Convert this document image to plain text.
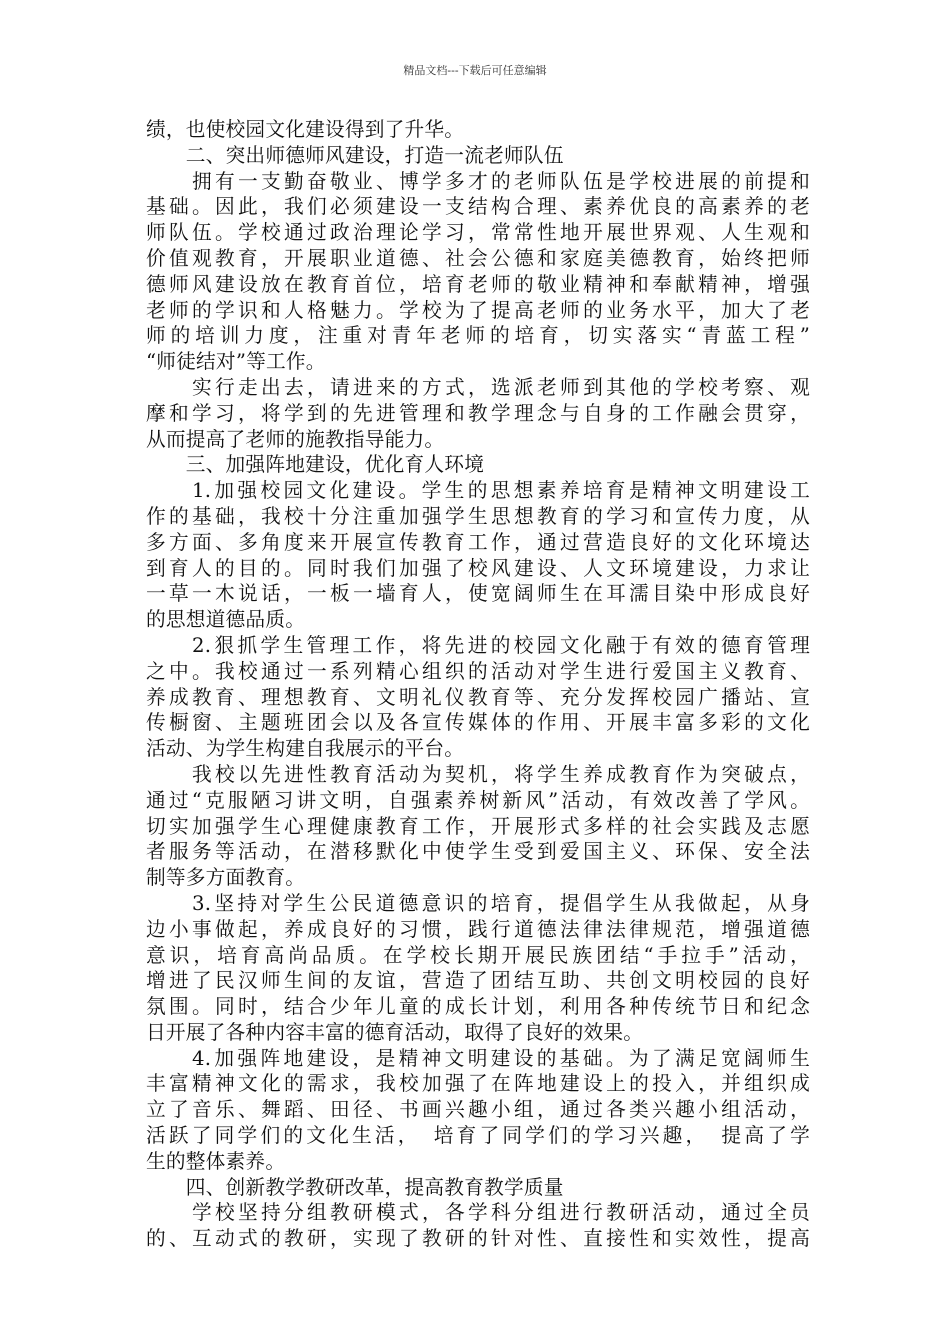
精品文档---下载后可任意编辑
绩，也使校园文化建设得到了升华。
　　二、突出师德师风建设，打造一流老师队伍
　　拥有一支勤奋敬业、博学多才的老师队伍是学校进展的前提和
基础。因此，我们必须建设一支结构合理、素养优良的高素养的老
师队伍。学校通过政治理论学习，常常性地开展世界观、人生观和
价值观教育，开展职业道德、社会公德和家庭美德教育，始终把师
德师风建设放在教育首位，培育老师的敬业精神和奉献精神，增强
老师的学识和人格魅力。学校为了提高老师的业务水平，加大了老
师的培训力度，注重对青年老师的培育，切实落实“青蓝工程”
“师徒结对”等工作。
　　实行走出去，请进来的方式，选派老师到其他的学校考察、观
摩和学习，将学到的先进管理和教学理念与自身的工作融会贯穿，
从而提高了老师的施教指导能力。
　　三、加强阵地建设，优化育人环境
　　1.加强校园文化建设。学生的思想素养培育是精神文明建设工
作的基础，我校十分注重加强学生思想教育的学习和宣传力度，从
多方面、多角度来开展宣传教育工作，通过营造良好的文化环境达
到育人的目的。同时我们加强了校风建设、人文环境建设，力求让
一草一木说话，一板一墙育人，使宽阔师生在耳濡目染中形成良好
的思想道德品质。
　　2.狠抓学生管理工作，将先进的校园文化融于有效的德育管理
之中。我校通过一系列精心组织的活动对学生进行爱国主义教育、
养成教育、理想教育、文明礼仪教育等、充分发挥校园广播站、宣
传橱窗、主题班团会以及各宣传媒体的作用、开展丰富多彩的文化
活动、为学生构建自我展示的平台。
　　我校以先进性教育活动为契机，将学生养成教育作为突破点，
通过“克服陋习讲文明，自强素养树新风”活动，有效改善了学风。
切实加强学生心理健康教育工作，开展形式多样的社会实践及志愿
者服务等活动，在潜移默化中使学生受到爱国主义、环保、安全法
制等多方面教育。
　　3.坚持对学生公民道德意识的培育，提倡学生从我做起，从身
边小事做起，养成良好的习惯，践行道德法律法律规范，增强道德
意识，培育高尚品质。在学校长期开展民族团结“手拉手”活动，
增进了民汉师生间的友谊，营造了团结互助、共创文明校园的良好
氛围。同时，结合少年儿童的成长计划，利用各种传统节日和纪念
日开展了各种内容丰富的德育活动，取得了良好的效果。
　　4.加强阵地建设，是精神文明建设的基础。为了满足宽阔师生
丰富精神文化的需求，我校加强了在阵地建设上的投入，并组织成
立了音乐、舞蹈、田径、书画兴趣小组，通过各类兴趣小组活动，
活跃了同学们的文化生活，　培育了同学们的学习兴趣，　提高了学
生的整体素养。
　　四、创新教学教研改革，提高教育教学质量
　　学校坚持分组教研模式，各学科分组进行教研活动，通过全员
的、互动式的教研，实现了教研的针对性、直接性和实效性，提高
